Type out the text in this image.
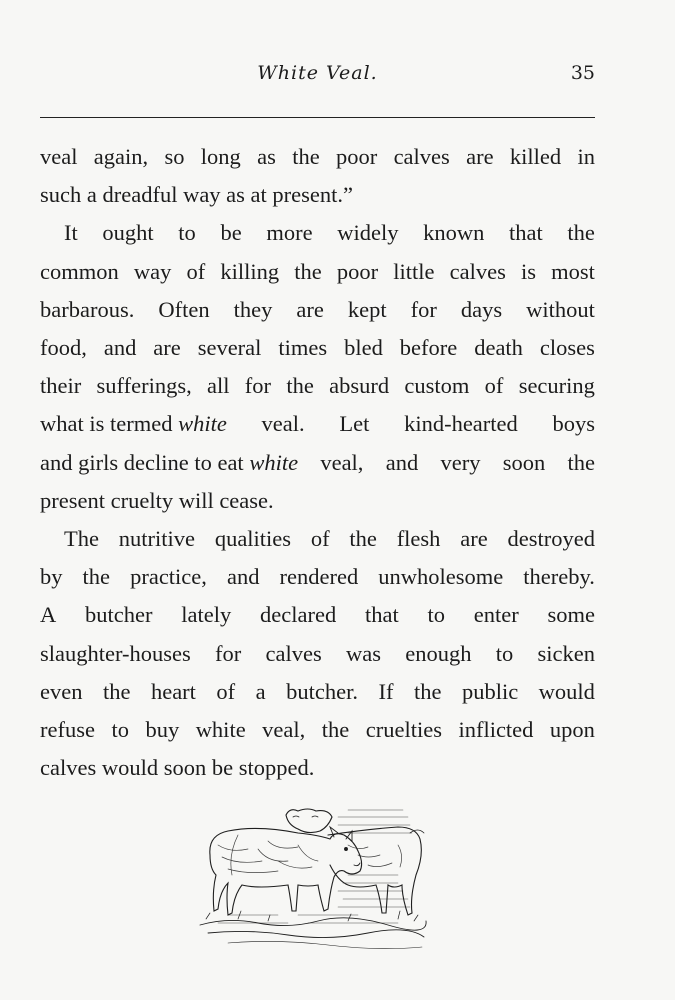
White Veal.	35
veal again, so long as the poor calves are killed in
such a dreadful way as at present.”
It ought to be more widely known that the
common way of killing the poor little calves is most
barbarous. Often they are kept for days without
food, and are several times bled before death closes
their sufferings, all for the absurd custom of securing
what is termed white veal. Let kind-hearted boys
and girls decline to eat white veal, and very soon the
present cruelty will cease.
The nutritive qualities of the flesh are destroyed
by the practice, and rendered unwholesome thereby.
A butcher lately declared that to enter some
slaughter-houses for calves was enough to sicken
even the heart of a butcher. If the public would
refuse to buy white veal, the cruelties inflicted upon
calves would soon be stopped.
